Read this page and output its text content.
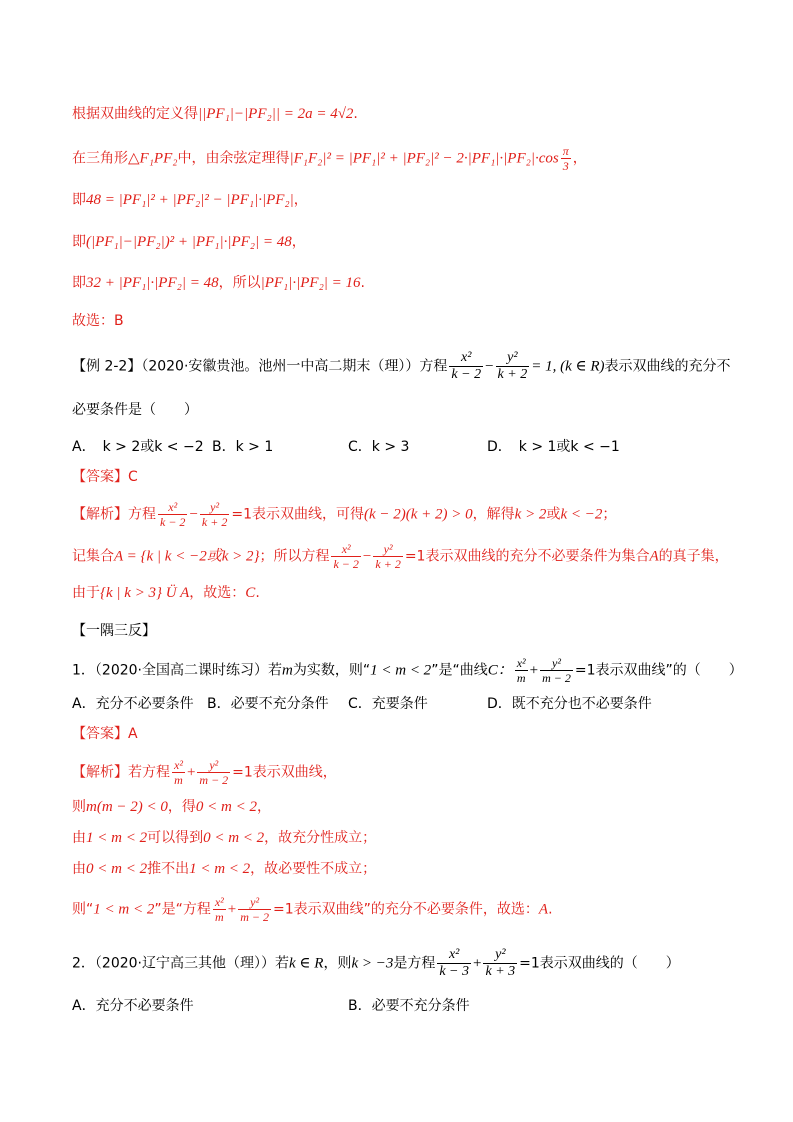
根据双曲线的定义得||PF₁|−|PF₂|| = 2a = 4√2.
在三角形△F₁PF₂中，由余弦定理得$|F_1F_2|^2 = |PF_1|^2 + |PF_2|^2 - 2\cdot|PF_1|\cdot|PF_2|\cdot\cos \frac{\pi}{3}$ ，
即48 = |PF₁|² + |PF₂|² − |PF₁|·|PF₂|，
即(|PF₁|−|PF₂|)² + |PF₁|·|PF₂| = 48，
即32 + |PF₁|·|PF₂| = 48，所以|PF₁|·|PF₂| = 16.
故选：B
【例 2-2】（2020·安徽贵池。池州一中高二期末（理））方程 $\frac{\text{x²}}{k - 2} - \frac{\text{y²}}{k + 2} = 1$, (k ∈ R)表示双曲线的充分不
必要条件是（　　）
A．　k > 2或k < −2 B．k > 1	C．k > 3	D．　k > 1或k < −1
【答案】C
【解析】方程 $\frac{\text{x²}}{k - 2} - \frac{\text{y²}}{k + 2} =1$表示双曲线，可得(k − 2)(k + 2) > 0，解得k > 2或k < −2；
记集合A = {k | k < −2或k > 2}；所以方程 $\frac{\text{x²}}{k - 2} - \frac{\text{y²}}{k + 2} =1$表示双曲线的充分不必要条件为集合A的真子集，
由于{k | k > 3} Ü A，故选：C.
【一隅三反】
1．（2020·全国高二课时练习）若m为实数，则“1 < m < 2”是“曲线C： $\frac{\text{x²}}{m} + \frac{\text{y²}}{m - 2} =1$表示双曲线”的（　　）
A．充分不必要条件 B．必要不充分条件 C．充要条件	D．既不充分也不必要条件
【答案】A
【解析】若方程 $\frac{\text{x²}}{m} + \frac{\text{y²}}{m - 2} =1$表示双曲线，
则m(m − 2) < 0，得0 < m < 2，
由1 < m < 2可以得到0 < m < 2，故充分性成立；
由0 < m < 2推不出1 < m < 2，故必要性不成立；
则“1 < m < 2”是“方程 $\frac{\text{x²}}{m} + \frac{\text{y²}}{m - 2} =1$表示双曲线”的充分不必要条件，故选：A.
2．（2020·辽宁高三其他（理））若k ∈ R，则k > −3是方程 $\frac{\text{x²}}{k - 3} + \frac{\text{y²}}{k + 3} =1$表示双曲线的（　　）
A．充分不必要条件	B．必要不充分条件
